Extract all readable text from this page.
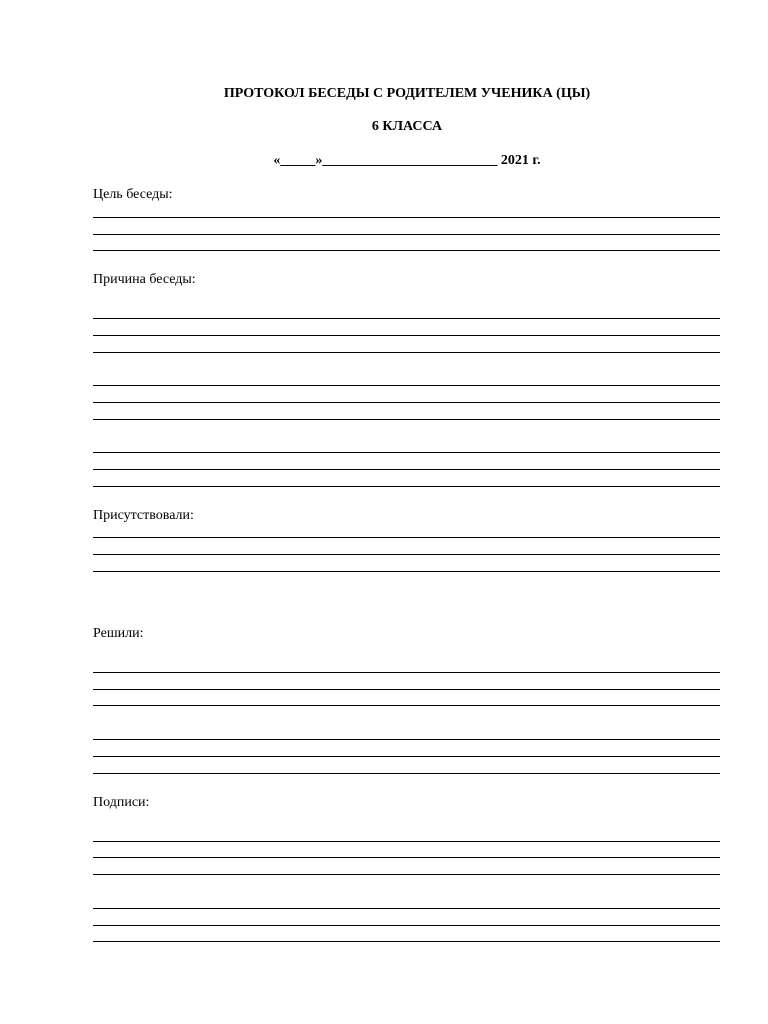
ПРОТОКОЛ БЕСЕДЫ С РОДИТЕЛЕМ УЧЕНИКА (ЦЫ)
6 КЛАССА
«_____»_________________________ 2021 г.
Цель беседы:
Причина беседы:
Присутствовали:
Решили:
Подписи:
